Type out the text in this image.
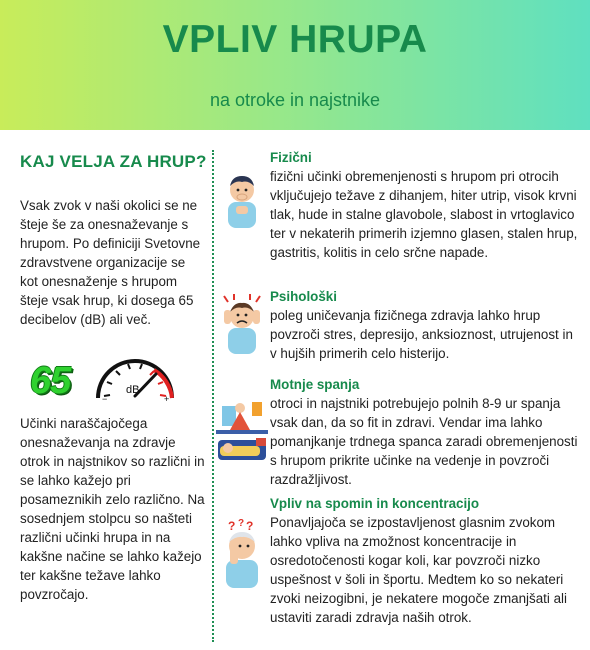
VPLIV HRUPA
na otroke in najstnike
KAJ VELJA ZA HRUP?
Vsak zvok v naši okolici se ne šteje še za onesnaževanje s hrupom. Po definiciji Svetovne zdravstvene organizacije se kot onesnaženje s hrupom šteje vsak hrup, ki dosega 65 decibelov (dB) ali več.
65	dB
−	+
Učinki naraščajočega onesnaževanja na zdravje otrok in najstnikov so različni in se lahko kažejo pri posameznikih zelo različno. Na sosednjem stolpcu so našteti različni učinki hrupa in na kakšne načine se lahko kažejo ter kakšne težave lahko povzročajo.
? ? ?
Fizični
fizični učinki obremenjenosti s hrupom pri otrocih vključujejo težave z dihanjem, hiter utrip, visok krvni tlak, hude in stalne glavobole, slabost in vrtoglavico ter v nekaterih primerih izjemno glasen, stalen hrup, gastritis, kolitis in celo srčne napade.
Psihološki
poleg uničevanja fizičnega zdravja lahko hrup povzroči stres, depresijo, anksioznost, utrujenost in v hujših primerih celo histerijo.
Motnje spanja
otroci in najstniki potrebujejo polnih 8-9 ur spanja vsak dan, da so fit in zdravi. Vendar ima lahko pomanjkanje trdnega spanca zaradi obremenjenosti s hrupom prikrite učinke na vedenje in povzroči razdražljivost.
Vpliv na spomin in koncentracijo
Ponavljajoča se izpostavljenost glasnim zvokom lahko vpliva na zmožnost koncentracije in osredotočenosti kogar koli, kar povzroči nizko uspešnost v šoli in športu. Medtem ko so nekateri zvoki neizogibni, je nekatere mogoče zmanjšati ali ustaviti zaradi zdravja naših otrok.
